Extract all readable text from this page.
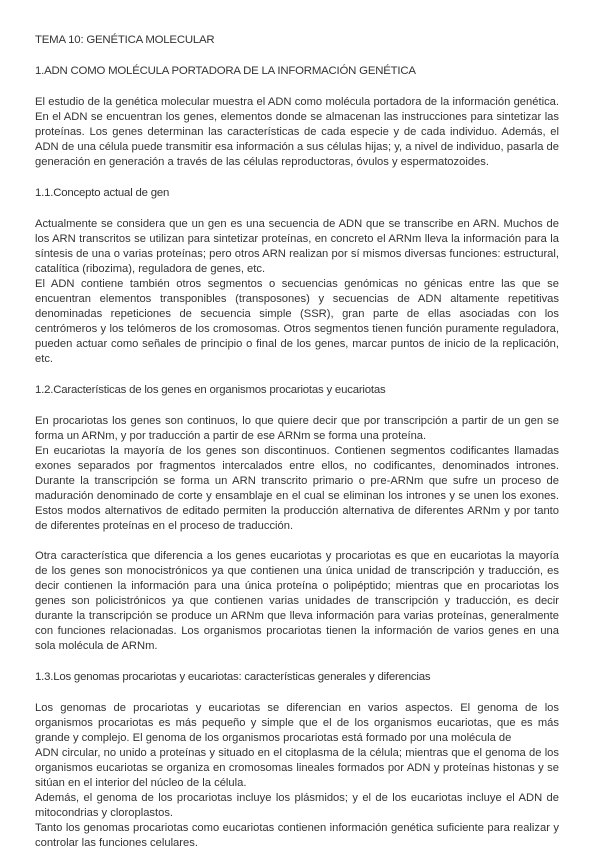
TEMA 10: GENÉTICA MOLECULAR
1.ADN COMO MOLÉCULA PORTADORA DE LA INFORMACIÓN GENÉTICA

El estudio de la genética molecular muestra el ADN como molécula portadora de la información genética. En el ADN se encuentran los genes, elementos donde se almacenan las instrucciones para sintetizar las proteínas. Los genes determinan las características de cada especie y de cada individuo. Además, el ADN de una célula puede transmitir esa información a sus células hijas; y, a nivel de individuo, pasarla de generación en generación a través de las células reproductoras, óvulos y espermatozoides.

1.1.Concepto actual de gen

Actualmente se considera que un gen es una secuencia de ADN que se transcribe en ARN. Muchos de los ARN transcritos se utilizan para sintetizar proteínas, en concreto el ARNm lleva la información para la síntesis de una o varias proteínas; pero otros ARN realizan por sí mismos diversas funciones: estructural, catalítica (ribozima), reguladora de genes, etc.

El ADN contiene también otros segmentos o secuencias genómicas no génicas entre las que se encuentran elementos transponibles (transposones) y secuencias de ADN altamente repetitivas denominadas repeticiones de secuencia simple (SSR), gran parte de ellas asociadas con los centrómeros y los telómeros de los cromosomas. Otros segmentos tienen función puramente reguladora, pueden actuar como señales de principio o final de los genes, marcar puntos de inicio de la replicación, etc.

1.2.Características de los genes en organismos procariotas y eucariotas

En procariotas los genes son continuos, lo que quiere decir que por transcripción a partir de un gen se forma un ARNm, y por traducción a partir de ese ARNm se forma una proteína.

En eucariotas la mayoría de los genes son discontinuos. Contienen segmentos codificantes llamadas exones separados por fragmentos intercalados entre ellos, no codificantes, denominados intrones. Durante la transcripción se forma un ARN transcrito primario o pre-ARNm que sufre un proceso de maduración denominado de corte y ensamblaje en el cual se eliminan los intrones y se unen los exones. Estos modos alternativos de editado permiten la producción alternativa de diferentes ARNm y por tanto de diferentes proteínas en el proceso de traducción.

Otra característica que diferencia a los genes eucariotas y procariotas es que en eucariotas la mayoría de los genes son monocistrónicos ya que contienen una única unidad de transcripción y traducción, es decir contienen la información para una única proteína o polipéptido; mientras que en procariotas los genes son policistrónicos ya que contienen varias unidades de transcripción y traducción, es decir durante la transcripción se produce un ARNm que lleva información para varias proteínas, generalmente con funciones relacionadas. Los organismos procariotas tienen la información de varios genes en una sola molécula de ARNm.

1.3.Los genomas procariotas y eucariotas: características generales y diferencias

Los genomas de procariotas y eucariotas se diferencian en varios aspectos. El genoma de los organismos procariotas es más pequeño y simple que el de los organismos eucariotas, que es más grande y complejo. El genoma de los organismos procariotas está formado por una molécula de

ADN circular, no unido a proteínas y situado en el citoplasma de la célula; mientras que el genoma de los organismos eucariotas se organiza en cromosomas lineales formados por ADN y proteínas histonas y se sitúan en el interior del núcleo de la célula.

Además, el genoma de los procariotas incluye los plásmidos; y el de los eucariotas incluye el ADN de mitocondrias y cloroplastos.

Tanto los genomas procariotas como eucariotas contienen información genética suficiente para realizar y controlar las funciones celulares.
